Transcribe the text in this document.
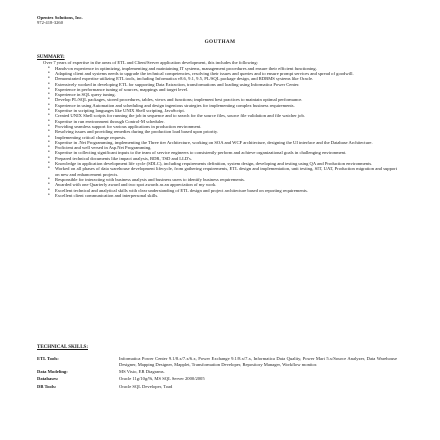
Opentex Solutions, Inc.
972-418-3260
GOUTHAM

SUMMARY:

Over 7 years of expertise in the areas of ETL and Client/Server application development, this includes the following:

• Hands-on experience in optimizing, implementing and maintaining IT systems, management procedures and ensure their efficient functioning.
• Adapting client and systems needs to upgrade the technical competencies, resolving their issues and queries and to ensure prompt services and spread of goodwill.
• Demonstrated expertise utilizing ETL tools, including Informatica v8.6, 9.1, 9.5, PL/SQL package design, and RDBMS systems like Oracle.
• Extensively worked in developing ETL for supporting Data Extraction, transformations and loading using Informatica Power Center.
• Experience in performance tuning of sources, mappings and target level.
• Experience in SQL query tuning.
• Develop PL/SQL packages, stored procedures, tables, views and functions; implement best practices to maintain optimal performance.
• Experience in using Automation and scheduling and design ingenious strategies for implementing complex business requirements.
• Expertise in scripting languages like UNIX Shell scripting, JavaScript.
• Created UNIX Shell scripts for running the job in sequence and to search for the source files, source file validation and file watcher job.
• Expertise in run environment through Control-M scheduler.
• Providing seamless support for various applications in production environment.
• Resolving issues and providing remedies during the production load based upon priority.
• Implementing critical change requests.
• Expertise in .Net Programming, implementing the Three tier Architecture, working on SOA and WCF architecture, designing the UI interface and the Database Architecture.
• Proficient and well versed in Asp.Net Programming.
• Expertise in collecting significant inputs to the team of service engineers to consistently perform and achieve organizational goals in challenging environment.
• Prepared technical documents like impact analysis, BDR, TSD and LLD's.
• Knowledge in application development life cycle (SDLC), including requirements definition, system design, developing and testing using QA and Production environments.
• Worked on all phases of data warehouse development lifecycle, from gathering requirements, ETL design and implementation, unit testing, SIT, UAT, Production migration and support on new and enhancement projects.
• Responsible for interacting with business analysts and business users to identify business requirements.
• Awarded with one Quarterly award and two spot awards as an appreciation of my work.
• Excellent technical and analytical skills with clear understanding of ETL design and project architecture based on reporting requirements.
• Excellent client communication and interpersonal skills.

TECHNICAL SKILLS:

ETL Tools:	Informatica Power Center 9.1/8.x/7.x/6.x, Power Exchange 9.1/8.x/7.x, Informatica Data Quality, Power Mart 5.x/Source Analyzer, Data Warehouse Designer, Mapping Designer, Mapplet, Transformation Developer, Repository Manager, Workflow monitor.
Data Modeling:	MS Visio, ER Diagrams.
Databases:	Oracle 11g/10g/9i, MS SQL Server 2000/2005
DB Tools:	Oracle SQL Developer, Toad
